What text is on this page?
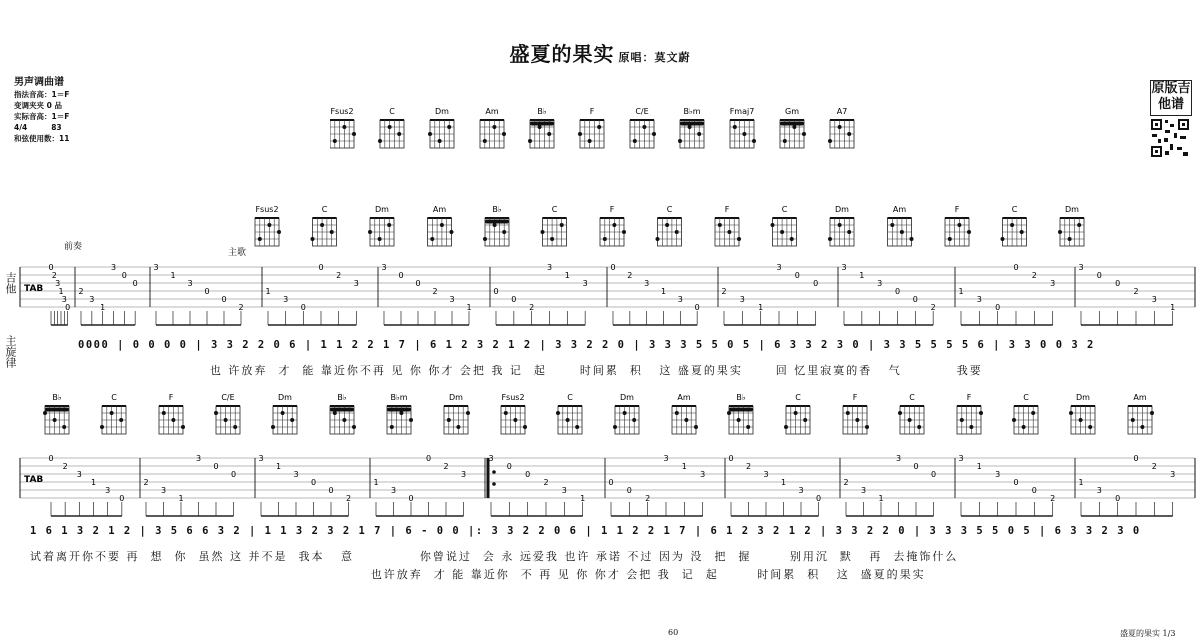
盛夏的果实 原唱：莫文蔚
男声调曲谱
指法音高：1＝F
变调夹夹 0 品
实际音高：1＝F
4/4	83
和弦使用数：11
原版吉他谱
Fsus2	C	Dm	Am	B♭	F	C/E	B♭m	Fmaj7	Gm	A7
前奏
主歌
吉他
主旋律
Fsus2	C	Dm	Am	B♭	C	F	C	F	C	Dm	Am	F	C	Dm
TAB
0
2
3
1
3
0
2
3
1
3
0
0
3
1
3
0
0
2
1
3
0
0
2
3
3
0
0
2
3
1
0
0
2
3
1
3
0
2
3
1
3
0
2
3
1
3
0
0
3
1
3
0
0
2
1
3
0
0
2
3
3
0
0
2
3
1
0000 | 0 0 0 0 | 3 3 2 2 0 6 | 1 1 2 2 1 7 | 6 1 2 3 2 1 2 | 3 3 2 2 0 | 3 3 3 5 5 0 5 | 6 3 3 2 3 0 | 3 3 5 5 5 5 6 | 3 3 0 0 3 2
也 许放弃  才  能 靠近你不再 见 你 你才 会把 我 记  起      时间累  积   这 盛夏的果实      回 忆里寂寞的香   气          我要
B♭	C	F	C/E	Dm	B♭	B♭m	Dm	Fsus2	C	Dm	Am	B♭	C	F	C	F	C	Dm	Am
TAB
0
2
3
1
3
0
2
3
1
3
0
0
3
1
3
0
0
2
1
3
0
0
2
3
3
0
0
2
3
1
0
0
2
3
1
3
0
2
3
1
3
0
2
3
1
3
0
0
3
1
3
0
0
2
1
3
0
0
2
3
1 6 1 3 2 1 2 | 3 5 6 6 3 2 | 1 1 3 2 3 2 1 7 | 6 - 0 0 |: 3 3 2 2 0 6 | 1 1 2 2 1 7 | 6 1 2 3 2 1 2 | 3 3 2 2 0 | 3 3 3 5 5 0 5 | 6 3 3 2 3 0
试着离开你不要 再  想  你  虽然 这 并不是  我本   意            你曾说过  会 永 远爱我 也许 承诺 不过 因为 没  把  握       别用沉  默   再  去掩饰什么
也许放弃  才 能 靠近你  不 再 见 你 你才 会把 我  记  起       时间累  积   这  盛夏的果实
60	盛夏的果实 1/3
